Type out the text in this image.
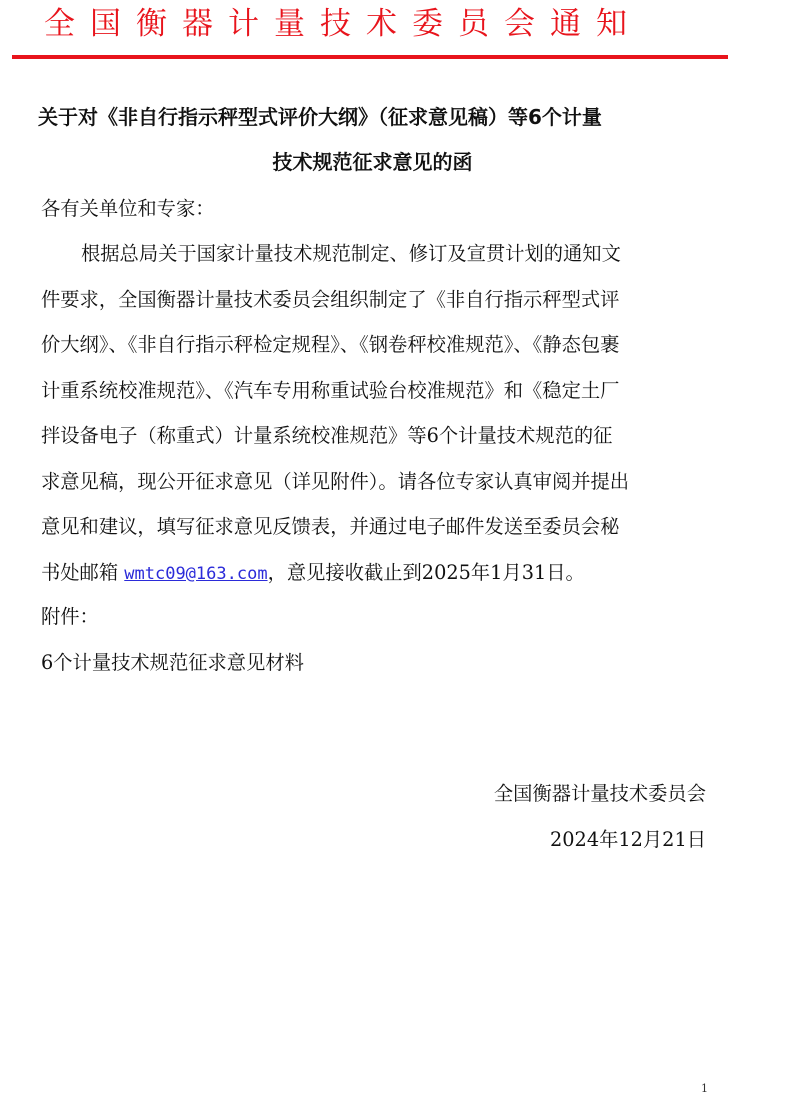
全国衡器计量技术委员会通知
关于对《非自行指示秤型式评价大纲》（征求意见稿）等6个计量
技术规范征求意见的函
各有关单位和专家：
根据总局关于国家计量技术规范制定、修订及宣贯计划的通知文
件要求，全国衡器计量技术委员会组织制定了《非自行指示秤型式评
价大纲》、《非自行指示秤检定规程》、《钢卷秤校准规范》、《静态包裹
计重系统校准规范》、《汽车专用称重试验台校准规范》和《稳定土厂
拌设备电子（称重式）计量系统校准规范》等6个计量技术规范的征
求意见稿，现公开征求意见（详见附件）。请各位专家认真审阅并提出
意见和建议，填写征求意见反馈表，并通过电子邮件发送至委员会秘
书处邮箱 wmtc09@163.com，意见接收截止到2025年1月31日。
附件：
6个计量技术规范征求意见材料
全国衡器计量技术委员会
2024年12月21日
1
